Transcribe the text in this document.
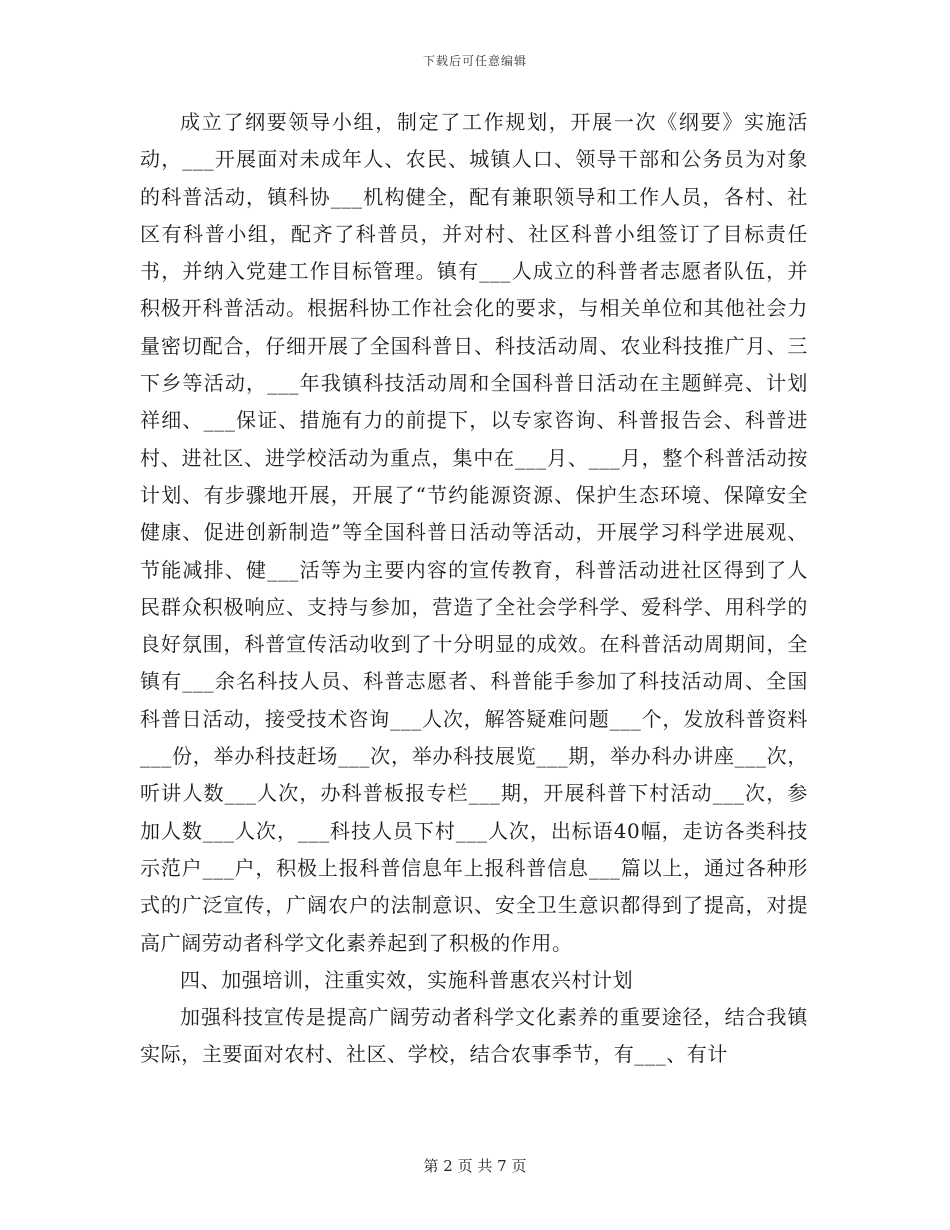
下载后可任意编辑

成立了纲要领导小组，制定了工作规划，开展一次《纲要》实施活动，___开展面对未成年人、农民、城镇人口、领导干部和公务员为对象的科普活动，镇科协___机构健全，配有兼职领导和工作人员，各村、社区有科普小组，配齐了科普员，并对村、社区科普小组签订了目标责任书，并纳入党建工作目标管理。镇有___人成立的科普者志愿者队伍，并积极开科普活动。根据科协工作社会化的要求，与相关单位和其他社会力量密切配合，仔细开展了全国科普日、科技活动周、农业科技推广月、三下乡等活动，___年我镇科技活动周和全国科普日活动在主题鲜亮、计划祥细、___保证、措施有力的前提下，以专家咨询、科普报告会、科普进村、进社区、进学校活动为重点，集中在___月、___月，整个科普活动按计划、有步骤地开展，开展了“节约能源资源、保护生态环境、保障安全健康、促进创新制造”等全国科普日活动等活动，开展学习科学进展观、节能减排、健___活等为主要内容的宣传教育，科普活动进社区得到了人民群众积极响应、支持与参加，营造了全社会学科学、爱科学、用科学的良好氛围，科普宣传活动收到了十分明显的成效。在科普活动周期间，全镇有___余名科技人员、科普志愿者、科普能手参加了科技活动周、全国科普日活动，接受技术咨询___人次，解答疑难问题___个，发放科普资料___份，举办科技赶场___次，举办科技展览___期，举办科办讲座___次，听讲人数___人次，办科普板报专栏___期，开展科普下村活动___次，参加人数___人次，___科技人员下村___人次，出标语40幅，走访各类科技示范户___户，积极上报科普信息年上报科普信息___篇以上，通过各种形式的广泛宣传，广阔农户的法制意识、安全卫生意识都得到了提高，对提高广阔劳动者科学文化素养起到了积极的作用。

四、加强培训，注重实效，实施科普惠农兴村计划

加强科技宣传是提高广阔劳动者科学文化素养的重要途径，结合我镇实际，主要面对农村、社区、学校，结合农事季节，有___、有计

第 2 页 共 7 页
